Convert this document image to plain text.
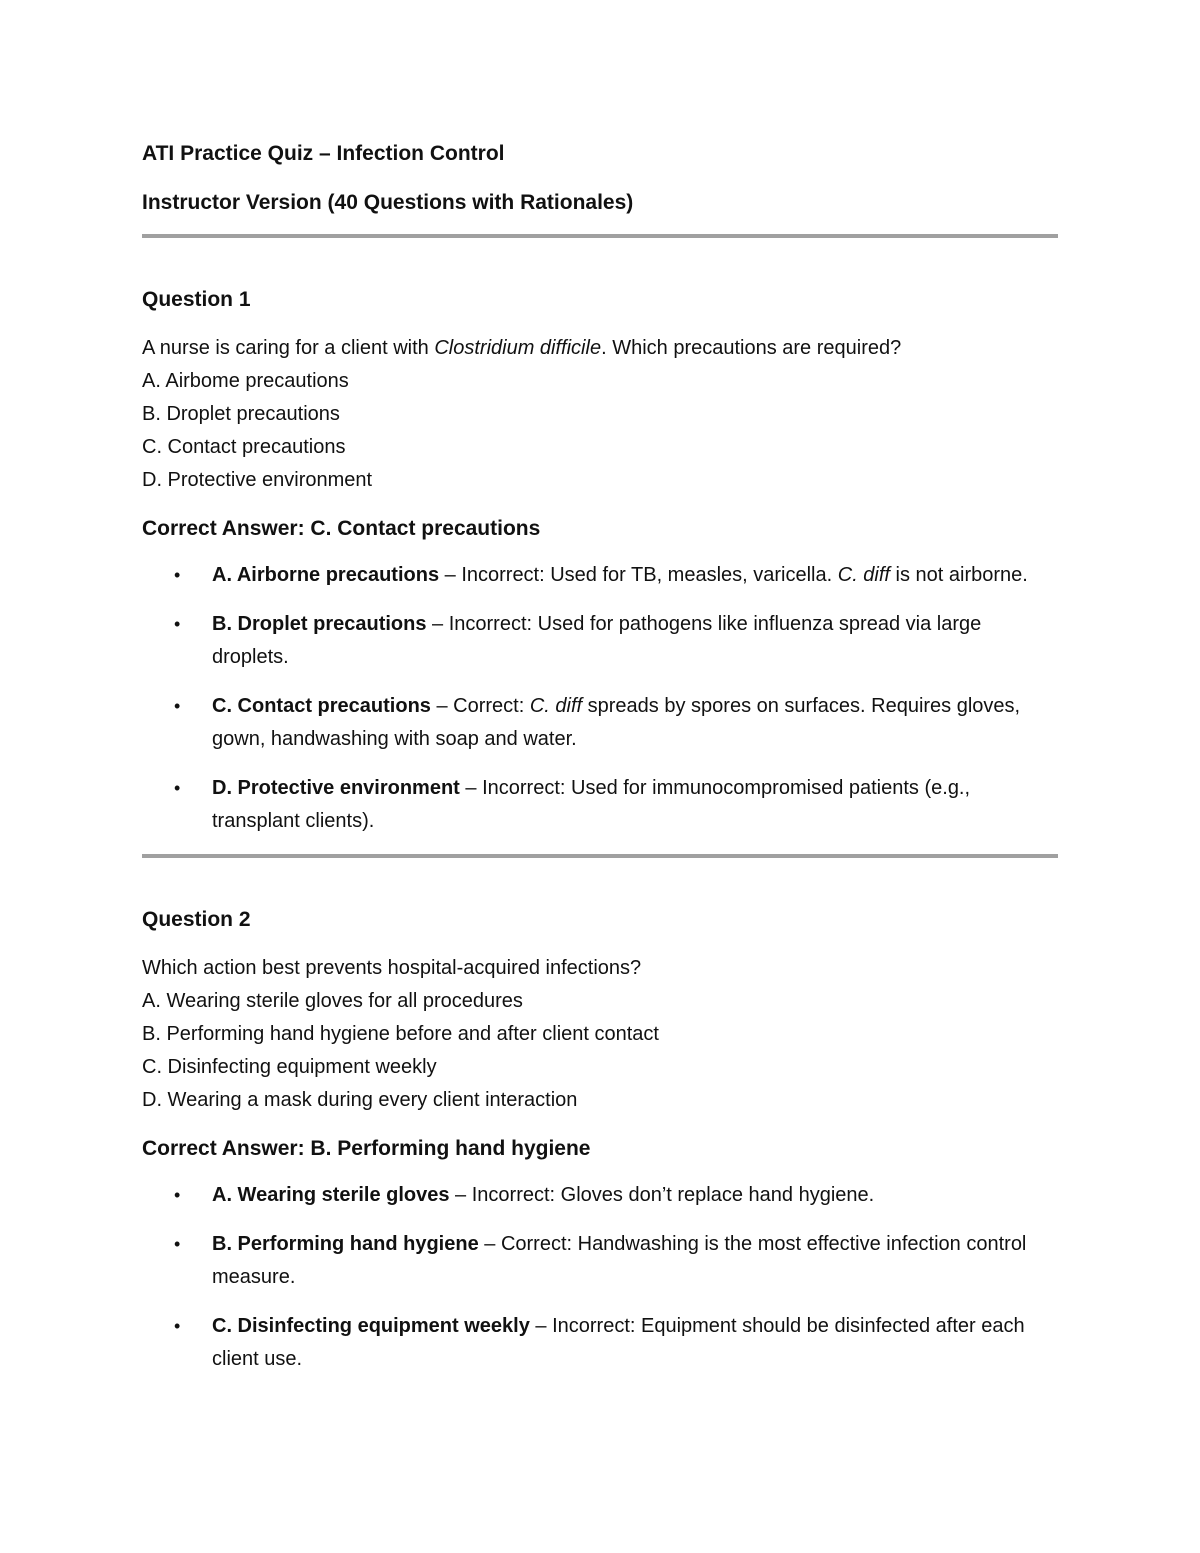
ATI Practice Quiz – Infection Control

Instructor Version (40 Questions with Rationales)

Question 1

A nurse is caring for a client with Clostridium difficile. Which precautions are required?

A. Airbome precautions

B. Droplet precautions

C. Contact precautions

D. Protective environment

Correct Answer: C. Contact precautions

• A. Airborne precautions – Incorrect: Used for TB, measles, varicella. C. diff is not airborne.
• B. Droplet precautions – Incorrect: Used for pathogens like influenza spread via large droplets.
• C. Contact precautions – Correct: C. diff spreads by spores on surfaces. Requires gloves, gown, handwashing with soap and water.
• D. Protective environment – Incorrect: Used for immunocompromised patients (e.g., transplant clients).

Question 2

Which action best prevents hospital-acquired infections?

A. Wearing sterile gloves for all procedures

B. Performing hand hygiene before and after client contact

C. Disinfecting equipment weekly

D. Wearing a mask during every client interaction

Correct Answer: B. Performing hand hygiene

• A. Wearing sterile gloves – Incorrect: Gloves don’t replace hand hygiene.
• B. Performing hand hygiene – Correct: Handwashing is the most effective infection control measure.
• C. Disinfecting equipment weekly – Incorrect: Equipment should be disinfected after each client use.
